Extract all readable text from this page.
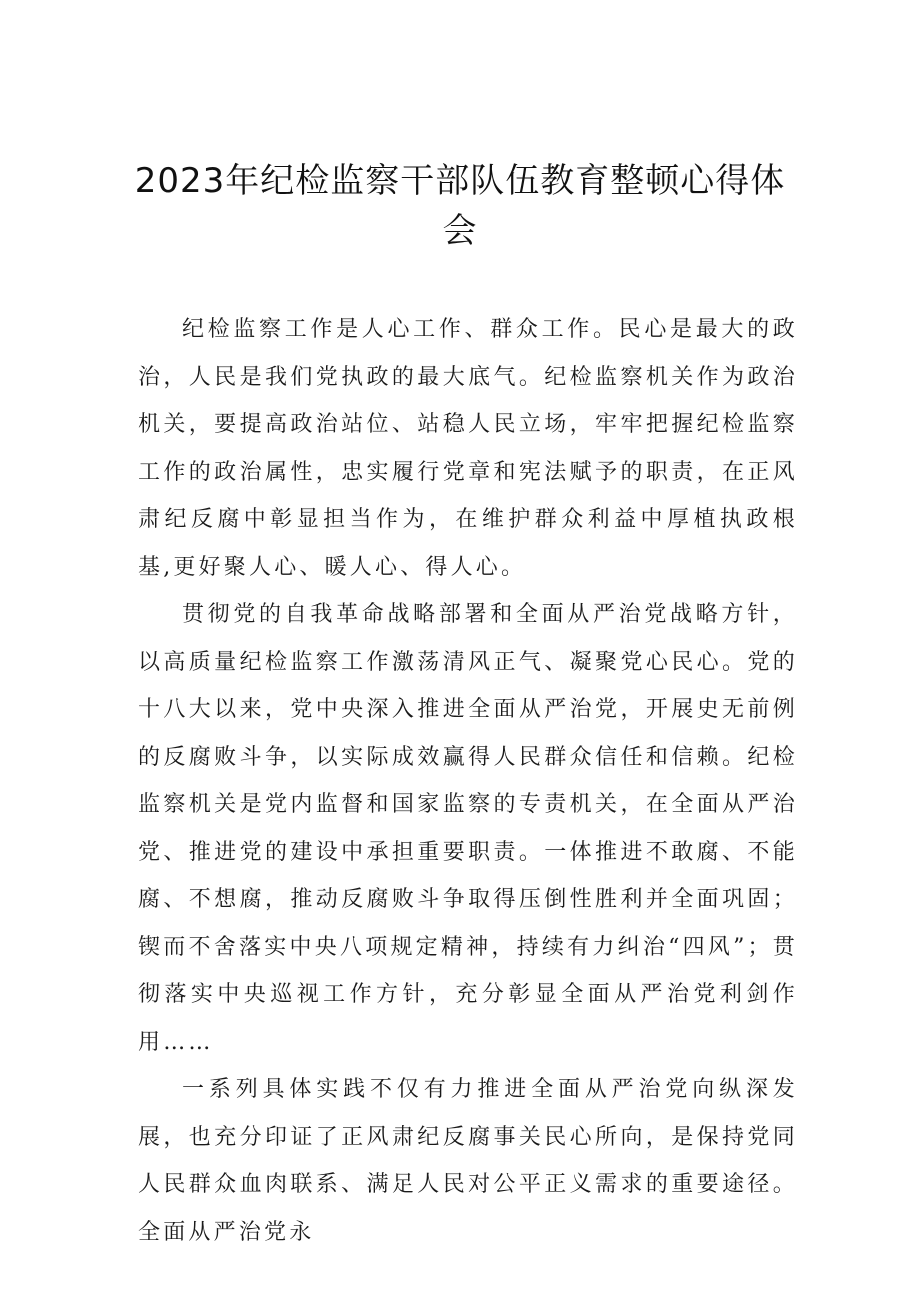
2023年纪检监察干部队伍教育整顿心得体会

纪检监察工作是人心工作、群众工作。民心是最大的政治，人民是我们党执政的最大底气。纪检监察机关作为政治机关，要提高政治站位、站稳人民立场，牢牢把握纪检监察工作的政治属性，忠实履行党章和宪法赋予的职责，在正风肃纪反腐中彰显担当作为，在维护群众利益中厚植执政根基,更好聚人心、暖人心、得人心。

贯彻党的自我革命战略部署和全面从严治党战略方针，以高质量纪检监察工作激荡清风正气、凝聚党心民心。党的十八大以来，党中央深入推进全面从严治党，开展史无前例的反腐败斗争，以实际成效赢得人民群众信任和信赖。纪检监察机关是党内监督和国家监察的专责机关，在全面从严治党、推进党的建设中承担重要职责。一体推进不敢腐、不能腐、不想腐，推动反腐败斗争取得压倒性胜利并全面巩固；锲而不舍落实中央八项规定精神，持续有力纠治“四风”；贯彻落实中央巡视工作方针，充分彰显全面从严治党利剑作用……

一系列具体实践不仅有力推进全面从严治党向纵深发展，也充分印证了正风肃纪反腐事关民心所向，是保持党同人民群众血肉联系、满足人民对公平正义需求的重要途径。全面从严治党永
